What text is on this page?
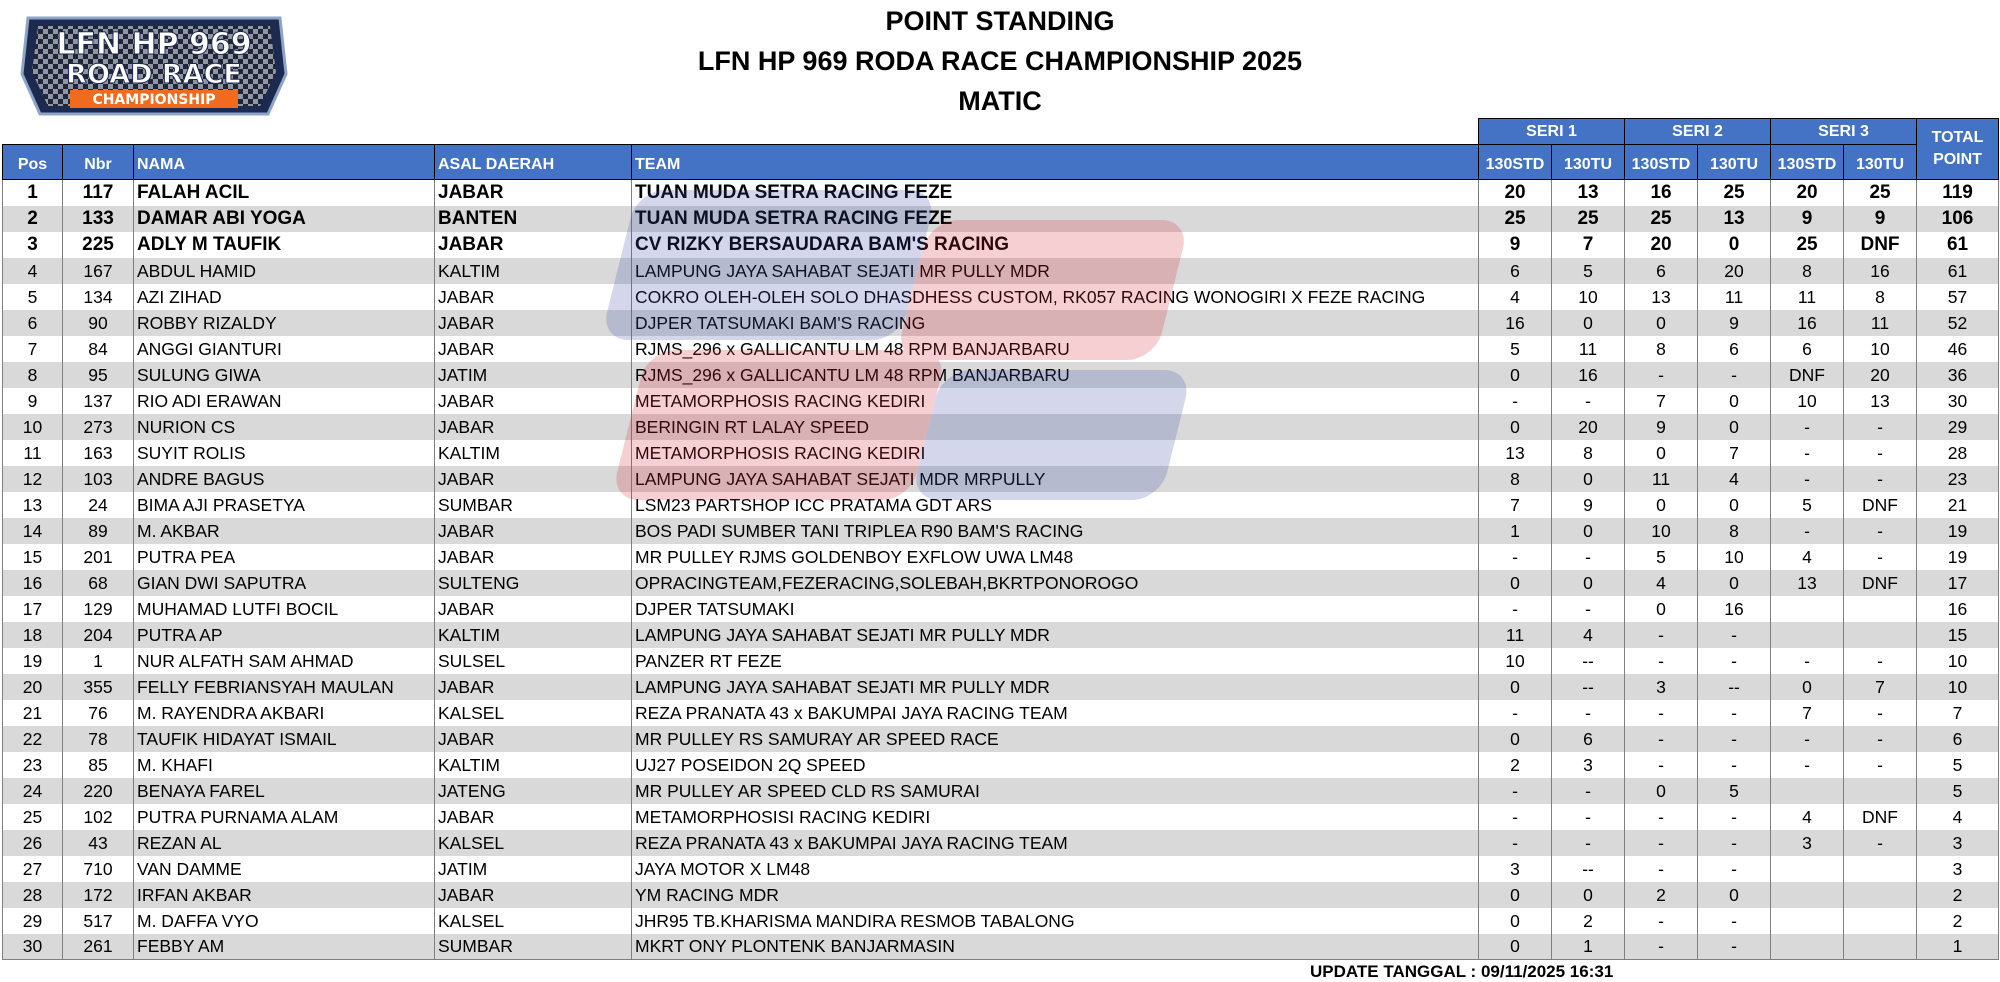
LFN HP 969
ROAD RACE
CHAMPIONSHIP
POINT STANDING
LFN HP 969 RODA RACE CHAMPIONSHIP 2025
MATIC
					SERI 1		SERI 2		SERI 3		TOTAL
POINT
Pos	Nbr	NAMA	ASAL DAERAH	TEAM	130STD	130TU	130STD	130TU	130STD	130TU	
1	117	FALAH ACIL	JABAR	TUAN MUDA SETRA RACING FEZE	20	13	16	25	20	25	119
2	133	DAMAR ABI YOGA	BANTEN	TUAN MUDA SETRA RACING FEZE	25	25	25	13	9	9	106
3	225	ADLY M TAUFIK	JABAR	CV RIZKY BERSAUDARA BAM'S RACING	9	7	20	0	25	DNF	61
4	167	ABDUL HAMID	KALTIM	LAMPUNG JAYA SAHABAT SEJATI MR PULLY MDR	6	5	6	20	8	16	61
5	134	AZI ZIHAD	JABAR	COKRO OLEH-OLEH SOLO DHASDHESS CUSTOM, RK057 RACING WONOGIRI X FEZE RACING	4	10	13	11	11	8	57
6	90	ROBBY RIZALDY	JABAR	DJPER TATSUMAKI BAM'S RACING	16	0	0	9	16	11	52
7	84	ANGGI GIANTURI	JABAR	RJMS_296 x GALLICANTU LM 48 RPM BANJARBARU	5	11	8	6	6	10	46
8	95	SULUNG GIWA	JATIM	RJMS_296 x GALLICANTU LM 48 RPM BANJARBARU	0	16	-	-	DNF	20	36
9	137	RIO ADI ERAWAN	JABAR	METAMORPHOSIS RACING KEDIRI	-	-	7	0	10	13	30
10	273	NURION CS	JABAR	BERINGIN RT LALAY SPEED	0	20	9	0	-	-	29
11	163	SUYIT ROLIS	KALTIM	METAMORPHOSIS RACING KEDIRI	13	8	0	7	-	-	28
12	103	ANDRE BAGUS	JABAR	LAMPUNG JAYA SAHABAT SEJATI MDR MRPULLY	8	0	11	4	-	-	23
13	24	BIMA AJI PRASETYA	SUMBAR	LSM23 PARTSHOP ICC PRATAMA GDT ARS	7	9	0	0	5	DNF	21
14	89	M. AKBAR	JABAR	BOS PADI SUMBER TANI TRIPLEA R90 BAM'S RACING	1	0	10	8	-	-	19
15	201	PUTRA PEA	JABAR	MR PULLEY RJMS GOLDENBOY EXFLOW UWA LM48	-	-	5	10	4	-	19
16	68	GIAN DWI SAPUTRA	SULTENG	OPRACINGTEAM,FEZERACING,SOLEBAH,BKRTPONOROGO	0	0	4	0	13	DNF	17
17	129	MUHAMAD LUTFI BOCIL	JABAR	DJPER TATSUMAKI	-	-	0	16			16
18	204	PUTRA AP	KALTIM	LAMPUNG JAYA SAHABAT SEJATI MR PULLY MDR	11	4	-	-			15
19	1	NUR ALFATH SAM AHMAD	SULSEL	PANZER RT FEZE	10	--	-	-	-	-	10
20	355	FELLY FEBRIANSYAH MAULAN	JABAR	LAMPUNG JAYA SAHABAT SEJATI MR PULLY MDR	0	--	3	--	0	7	10
21	76	M. RAYENDRA AKBARI	KALSEL	REZA PRANATA 43 x BAKUMPAI JAYA RACING TEAM	-	-	-	-	7	-	7
22	78	TAUFIK HIDAYAT ISMAIL	JABAR	MR PULLEY RS SAMURAY AR SPEED RACE	0	6	-	-	-	-	6
23	85	M. KHAFI	KALTIM	UJ27 POSEIDON 2Q SPEED	2	3	-	-	-	-	5
24	220	BENAYA FAREL	JATENG	MR PULLEY AR SPEED CLD RS SAMURAI	-	-	0	5			5
25	102	PUTRA PURNAMA ALAM	JABAR	METAMORPHOSISI RACING KEDIRI	-	-	-	-	4	DNF	4
26	43	REZAN AL	KALSEL	REZA PRANATA 43 x BAKUMPAI JAYA RACING TEAM	-	-	-	-	3	-	3
27	710	VAN DAMME	JATIM	JAYA MOTOR X LM48	3	--	-	-			3
28	172	IRFAN AKBAR	JABAR	YM RACING MDR	0	0	2	0			2
29	517	M. DAFFA VYO	KALSEL	JHR95 TB.KHARISMA MANDIRA RESMOB TABALONG	0	2	-	-			2
30	261	FEBBY AM	SUMBAR	MKRT ONY PLONTENK BANJARMASIN	0	1	-	-			1
UPDATE TANGGAL : 09/11/2025 16:31
